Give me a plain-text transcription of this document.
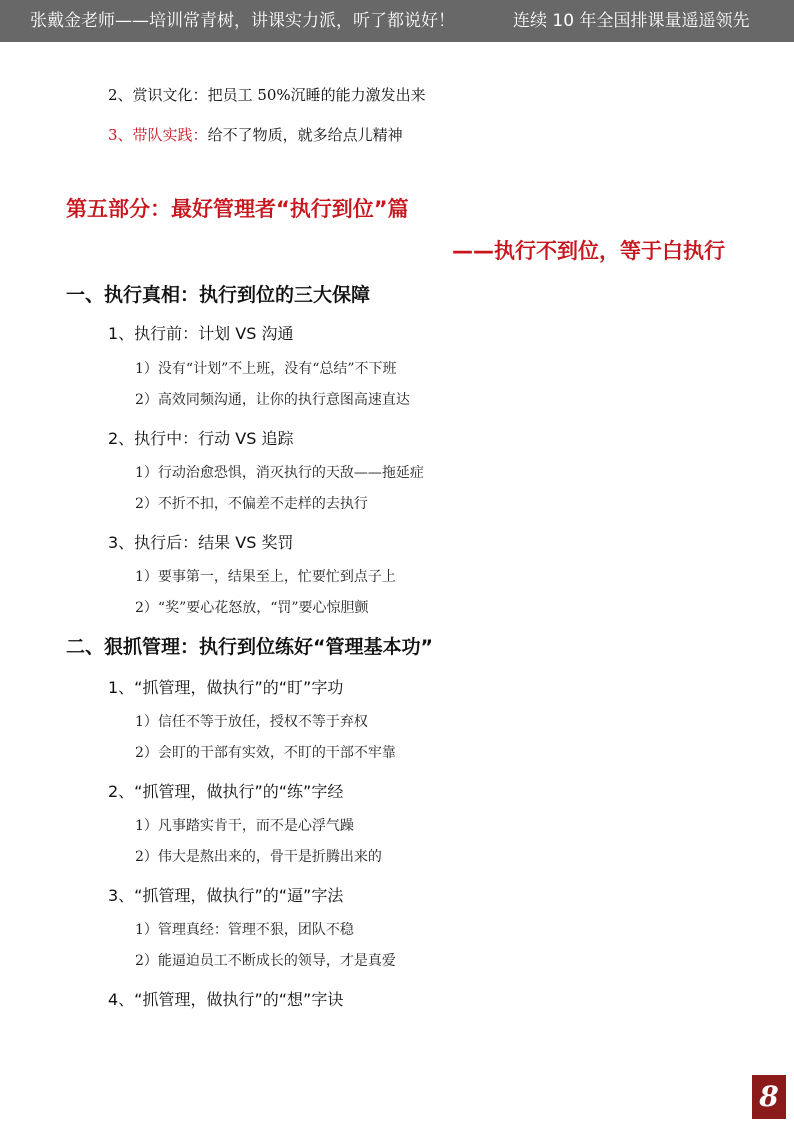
张戴金老师——培训常青树，讲课实力派，听了都说好！	连续 10 年全国排课量遥遥领先
2、赏识文化：把员工 50%沉睡的能力激发出来
3、带队实践：给不了物质，就多给点儿精神
第五部分：最好管理者“执行到位”篇
——执行不到位，等于白执行
一、执行真相：执行到位的三大保障
1、执行前：计划 VS 沟通
1）没有“计划”不上班，没有“总结”不下班
2）高效同频沟通，让你的执行意图高速直达
2、执行中：行动 VS 追踪
1）行动治愈恐惧，消灭执行的天敌——拖延症
2）不折不扣，不偏差不走样的去执行
3、执行后：结果 VS 奖罚
1）要事第一，结果至上，忙要忙到点子上
2）“奖”要心花怒放，“罚”要心惊胆颤
二、狠抓管理：执行到位练好“管理基本功”
1、“抓管理，做执行”的“盯”字功
1）信任不等于放任，授权不等于弃权
2）会盯的干部有实效，不盯的干部不牢靠
2、“抓管理，做执行”的“练”字经
1）凡事踏实肯干，而不是心浮气躁
2）伟大是熬出来的，骨干是折腾出来的
3、“抓管理，做执行”的“逼”字法
1）管理真经：管理不狠，团队不稳
2）能逼迫员工不断成长的领导，才是真爱
4、“抓管理，做执行”的“想”字诀
8
